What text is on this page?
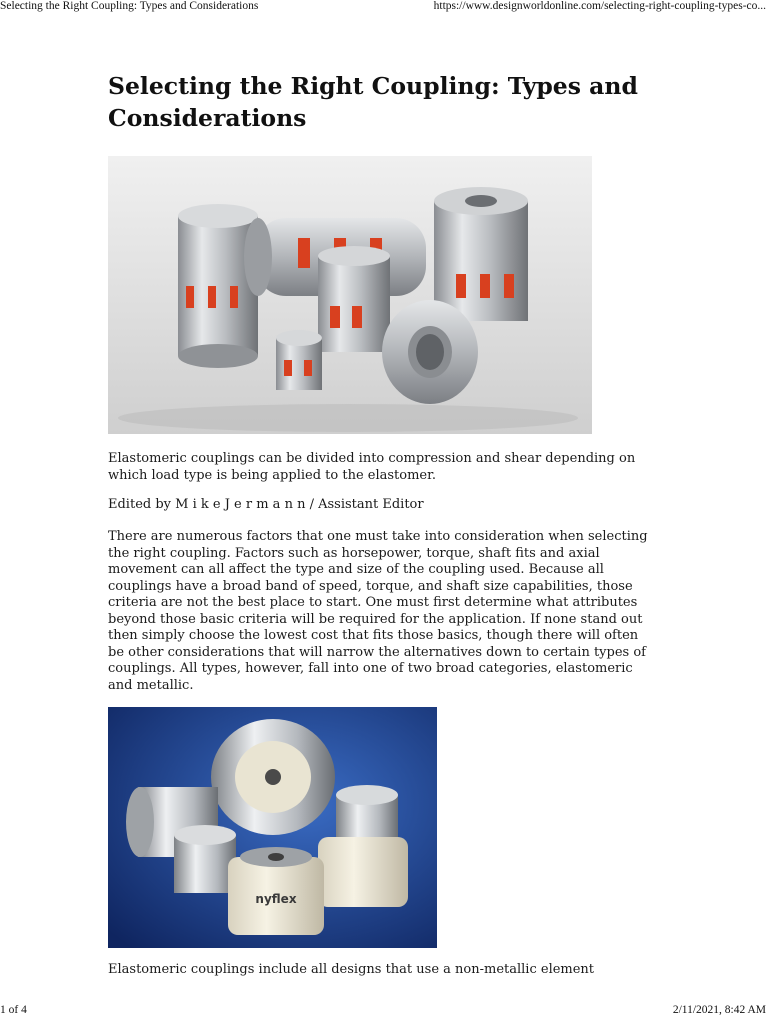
Selecting the Right Coupling: Types and Considerations	https://www.designworldonline.com/selecting-right-coupling-types-co...
Selecting the Right Coupling: Types and Considerations

Elastomeric couplings can be divided into compression and shear depending on which load type is being applied to the elastomer.

Edited by M i k e J e r m a n n / Assistant Editor

There are numerous factors that one must take into consideration when selecting the right coupling. Factors such as horsepower, torque, shaft fits and axial movement can all affect the type and size of the coupling used. Because all couplings have a broad band of speed, torque, and shaft size capabilities, those criteria are not the best place to start. One must first determine what attributes beyond those basic criteria will be required for the application. If none stand out then simply choose the lowest cost that fits those basics, though there will often be other considerations that will narrow the alternatives down to certain types of couplings. All types, however, fall into one of two broad categories, elastomeric and metallic.

nyflex

Elastomeric couplings include all designs that use a non-metallic element

1 of 4	2/11/2021, 8:42 AM
